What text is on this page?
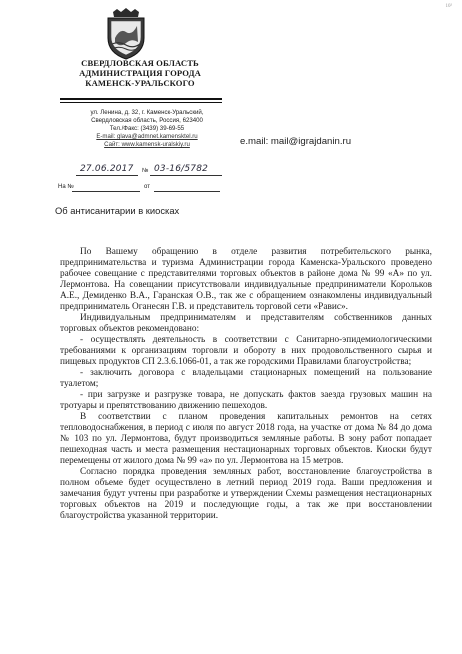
10²
СВЕРДЛОВСКАЯ ОБЛАСТЬ
АДМИНИСТРАЦИЯ ГОРОДА
КАМЕНСК-УРАЛЬСКОГО
ул. Ленина, д. 32, г. Каменск-Уральский,
Свердловская область, Россия, 623400
Тел./Факс: (3439) 39-69-55
E-mail: glava@admnet.kamensktel.ru
Сайт: www.kamensk-uralskiy.ru
27.06.2017 № 03-16/5782
На №	от
e.mail: mail@igrajdanin.ru
Об антисанитарии в киосках

По Вашему обращению в отделе развития потребительского рынка, предпринимательства и туризма Администрации города Каменска-Уральского проведено рабочее совещание с представителями торговых объектов в районе дома № 99 «А» по ул. Лермонтова. На совещании присутствовали индивидуальные предприниматели Корольков А.Е., Демиденко В.А., Гаранская О.В., так же с обращением ознакомлены индивидуальный предприниматель Оганесян Г.В. и представитель торговой сети «Равис».

Индивидуальным предпринимателям и представителям собственников данных торговых объектов рекомендовано:

- осуществлять деятельность в соответствии с Санитарно-эпидемиологическими требованиями к организациям торговли и обороту в них продовольственного сырья и пищевых продуктов СП 2.3.6.1066-01, а так же городскими Правилами благоустройства;

- заключить договора с владельцами стационарных помещений на пользование туалетом;

- при загрузке и разгрузке товара, не допускать фактов заезда грузовых машин на тротуары и препятствованию движению пешеходов.

В соответствии с планом проведения капитальных ремонтов на сетях тепловодоснабжения, в период с июля по август 2018 года, на участке от дома № 84 до дома № 103 по ул. Лермонтова, будут производиться земляные работы. В зону работ попадает пешеходная часть и места размещения нестационарных торговых объектов. Киоски будут перемещены от жилого дома № 99 «а» по ул. Лермонтова на 15 метров.

Согласно порядка проведения земляных работ, восстановление благоустройства в полном объеме будет осуществлено в летний период 2019 года. Ваши предложения и замечания будут учтены при разработке и утверждении Схемы размещения нестационарных торговых объектов на 2019 и последующие годы, а так же при восстановлении благоустройства указанной территории.
